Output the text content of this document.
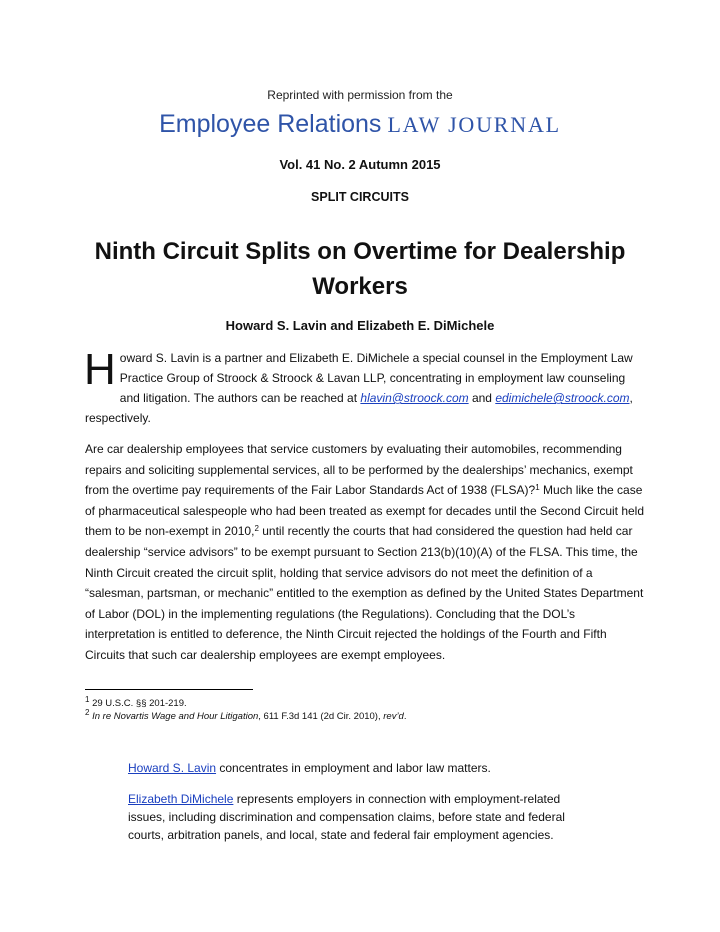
Reprinted with permission from the
Employee Relations LAW JOURNAL
Vol. 41 No. 2 Autumn 2015
SPLIT CIRCUITS
Ninth Circuit Splits on Overtime for Dealership Workers
Howard S. Lavin and Elizabeth E. DiMichele
Howard S. Lavin is a partner and Elizabeth E. DiMichele a special counsel in the Employment Law Practice Group of Stroock & Stroock & Lavan LLP, concentrating in employment law counseling and litigation. The authors can be reached at hlavin@stroock.com and edimichele@stroock.com, respectively.
Are car dealership employees that service customers by evaluating their automobiles, recommending repairs and soliciting supplemental services, all to be performed by the dealerships’ mechanics, exempt from the overtime pay requirements of the Fair Labor Standards Act of 1938 (FLSA)?$^1$ Much like the case of pharmaceutical salespeople who had been treated as exempt for decades until the Second Circuit held them to be non-exempt in 2010,$^2$ until recently the courts that had considered the question had held car dealership “service advisors” to be exempt pursuant to Section 213(b)(10)(A) of the FLSA. This time, the Ninth Circuit created the circuit split, holding that service advisors do not meet the definition of a “salesman, partsman, or mechanic” entitled to the exemption as defined by the United States Department of Labor (DOL) in the implementing regulations (the Regulations). Concluding that the DOL’s interpretation is entitled to deference, the Ninth Circuit rejected the holdings of the Fourth and Fifth Circuits that such car dealership employees are exempt employees.
$^1$ 29 U.S.C. §§ 201-219.
$^2$ In re Novartis Wage and Hour Litigation, 611 F.3d 141 (2d Cir. 2010), rev’d.
Howard S. Lavin concentrates in employment and labor law matters.
Elizabeth DiMichele represents employers in connection with employment-related issues, including discrimination and compensation claims, before state and federal courts, arbitration panels, and local, state and federal fair employment agencies.
